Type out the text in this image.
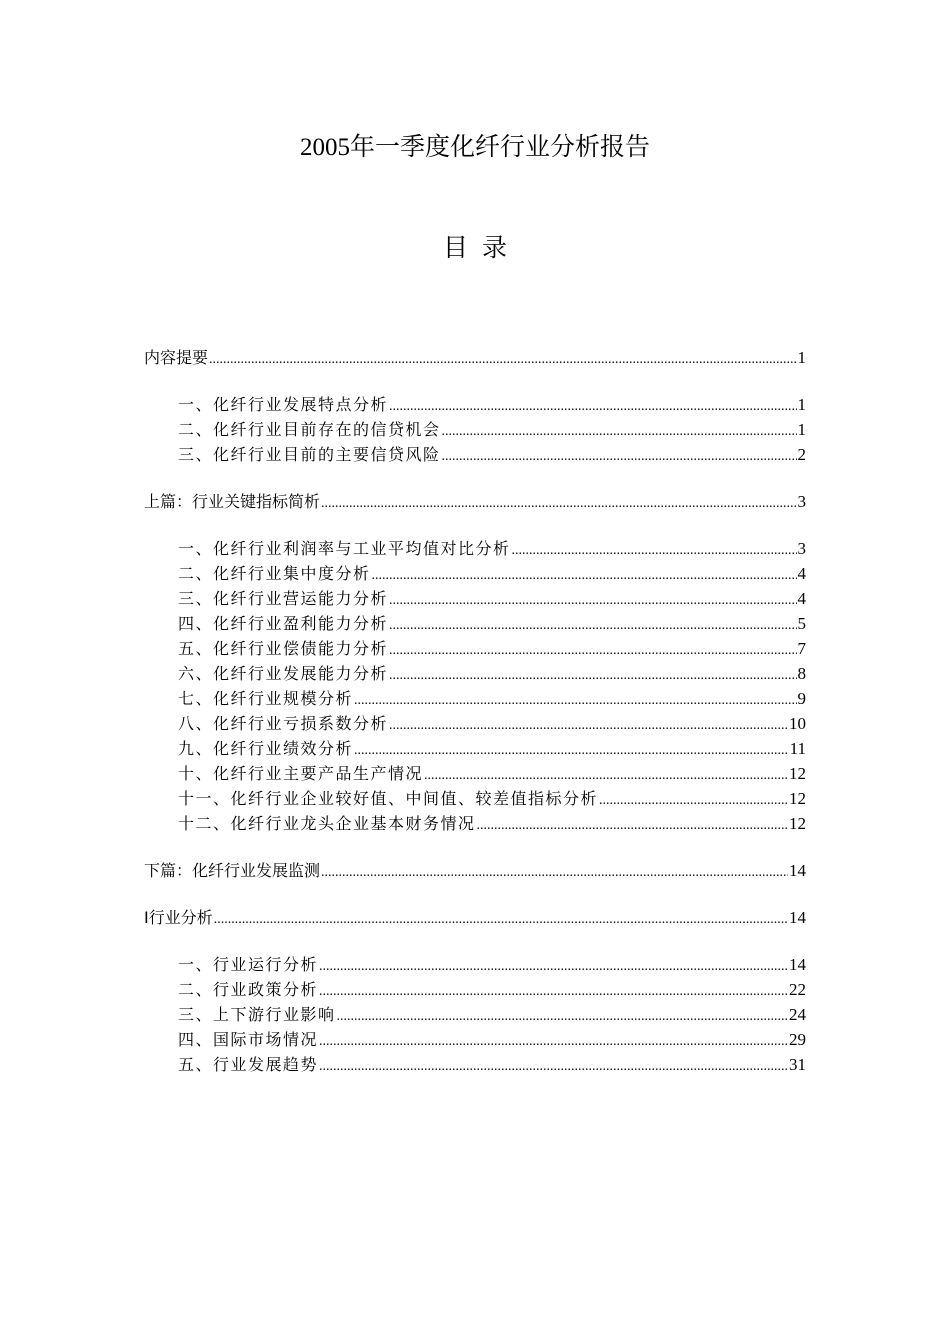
2005年一季度化纤行业分析报告
目录
内容提要 .....	1
一、化纤行业发展特点分析 .....	1
二、化纤行业目前存在的信贷机会 .....	1
三、化纤行业目前的主要信贷风险 .....	2
上篇：行业关键指标简析 .....	3
一、化纤行业利润率与工业平均值对比分析 .....	3
二、化纤行业集中度分析 .....	4
三、化纤行业营运能力分析 .....	4
四、化纤行业盈利能力分析 .....	5
五、化纤行业偿债能力分析 .....	7
六、化纤行业发展能力分析 .....	8
七、化纤行业规模分析 .....	9
八、化纤行业亏损系数分析 .....	10
九、化纤行业绩效分析 .....	11
十、化纤行业主要产品生产情况 .....	12
十一、化纤行业企业较好值、中间值、较差值指标分析 .....	12
十二、化纤行业龙头企业基本财务情况 .....	12
下篇：化纤行业发展监测 .....	14
I行业分析 .....	14
一、行业运行分析 .....	14
二、行业政策分析 .....	22
三、上下游行业影响 .....	24
四、国际市场情况 .....	29
五、行业发展趋势 .....	31
